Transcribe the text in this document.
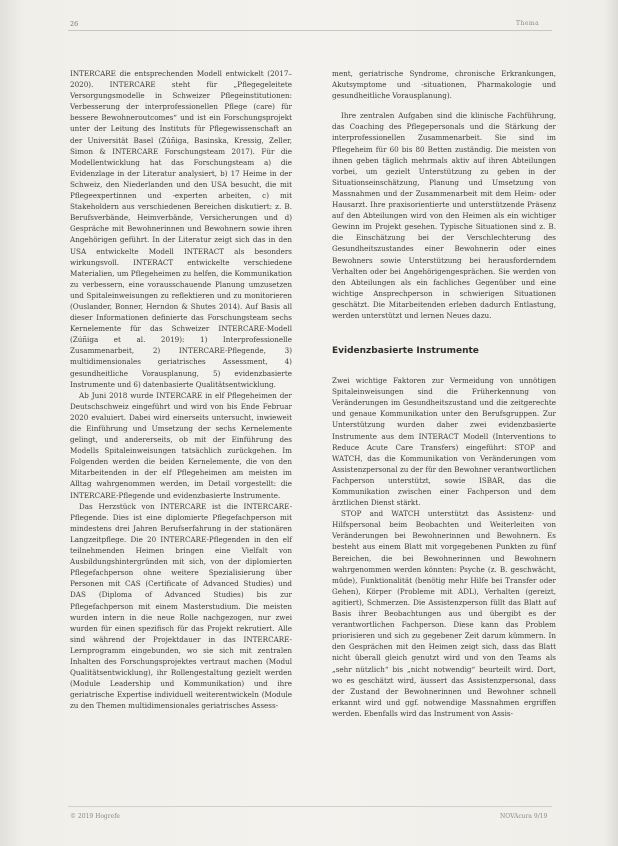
26	Thema

INTERCARE die entsprechenden Modell entwickelt (2017–2020). INTERCARE steht für „Pflegegeleitete Versorgungsmodelle in Schweizer Pflegeinstitutionen: Verbesserung der interprofessionellen Pflege (care) für bessere Bewohneroutcomes“ und ist ein Forschungsprojekt unter der Leitung des Instituts für Pflegewissenschaft an der Universität Basel (Zúñiga, Basinska, Kressig, Zeller, Simon & INTERCARE Forschungsteam 2017). Für die Modellentwicklung hat das Forschungsteam a) die Evidenzlage in der Literatur analysiert, b) 17 Heime in der Schweiz, den Niederlanden und den USA besucht, die mit Pflegeexpertinnen und -experten arbeiten, c) mit Stakeholdern aus verschiedenen Bereichen diskutiert: z. B. Berufsverbände, Heimverbände, Versicherungen und d) Gespräche mit Bewohnerinnen und Bewohnern sowie ihren Angehörigen geführt. In der Literatur zeigt sich das in den USA entwickelte Modell INTERACT als besonders wirkungsvoll. INTERACT entwickelte verschiedene Materialien, um Pflegeheimen zu helfen, die Kommunikation zu verbessern, eine vorausschauende Planung umzusetzen und Spitaleinweisungen zu reflektieren und zu monitorieren (Ouslander, Bonner, Herndon & Shutes 2014). Auf Basis all dieser Informationen definierte das Forschungsteam sechs Kernelemente für das Schweizer INTERCARE-Modell (Zúñiga et al. 2019): 1) Interprofessionelle Zusammenarbeit, 2) INTERCARE-Pflegende, 3) multidimensionales geriatrisches Assessment, 4) gesundheitliche Vorausplanung, 5) evidenzbasierte Instrumente und 6) datenbasierte Qualitätsentwicklung.

Ab Juni 2018 wurde INTERCARE in elf Pflegeheimen der Deutschschweiz eingeführt und wird von bis Ende Februar 2020 evaluiert. Dabei wird einerseits untersucht, inwieweit die Einführung und Umsetzung der sechs Kernelemente gelingt, und andererseits, ob mit der Einführung des Modells Spitaleinweisungen tatsächlich zurückgehen. Im Folgenden werden die beiden Kernelemente, die von den Mitarbeitenden in der elf Pflegeheimen am meisten im Alltag wahrgenommen werden, im Detail vorgestellt: die INTERCARE-Pflegende und evidenzbasierte Instrumente.

Das Herzstück von INTERCARE ist die INTERCARE-Pflegende. Dies ist eine diplomierte Pflegefachperson mit mindestens drei Jahren Berufserfahrung in der stationären Langzeitpflege. Die 20 INTERCARE-Pflegenden in den elf teilnehmenden Heimen bringen eine Vielfalt von Ausbildungshintergründen mit sich, von der diplomierten Pflegefachperson ohne weitere Spezialisierung über Personen mit CAS (Certificate of Advanced Studies) und DAS (Diploma of Advanced Studies) bis zur Pflegefachperson mit einem Masterstudium. Die meisten wurden intern in die neue Rolle nachgezogen, nur zwei wurden für einen spezifisch für das Projekt rekrutiert. Alle sind während der Projektdauer in das INTERCARE-Lernprogramm eingebunden, wo sie sich mit zentralen Inhalten des Forschungsprojektes vertraut machen (Modul Qualitätsentwicklung), ihr Rollengestaltung gezielt werden (Module Leadership und Kommunikation) und ihre geriatrische Expertise individuell weiterentwickeln (Module zu den Themen multidimensionales geriatrisches Assess-

ment, geriatrische Syndrome, chronische Erkrankungen, Akutsymptome und -situationen, Pharmakologie und gesundheitliche Vorausplanung).

Ihre zentralen Aufgaben sind die klinische Fachführung, das Coaching des Pflegepersonals und die Stärkung der interprofessionellen Zusammenarbeit. Sie sind im Pflegeheim für 60 bis 80 Betten zuständig. Die meisten von ihnen geben täglich mehrmals aktiv auf ihren Abteilungen vorbei, um gezielt Unterstützung zu geben in der Situationseinschätzung, Planung und Umsetzung von Massnahmen und der Zusammenarbeit mit dem Heim- oder Hausarzt. Ihre praxisorientierte und unterstützende Präsenz auf den Abteilungen wird von den Heimen als ein wichtiger Gewinn im Projekt gesehen. Typische Situationen sind z. B. die Einschätzung bei der Verschlechterung des Gesundheitszustandes einer Bewohnerin oder eines Bewohners sowie Unterstützung bei herausforderndem Verhalten oder bei Angehörigengesprächen. Sie werden von den Abteilungen als ein fachliches Gegenüber und eine wichtige Ansprechperson in schwierigen Situationen geschätzt. Die Mitarbeitenden erleben dadurch Entlastung, werden unterstützt und lernen Neues dazu.

Evidenzbasierte Instrumente

Zwei wichtige Faktoren zur Vermeidung von unnötigen Spitaleinweisungen sind die Früherkennung von Veränderungen im Gesundheitszustand und die zeitgerechte und genaue Kommunikation unter den Berufsgruppen. Zur Unterstützung wurden daher zwei evidenzbasierte Instrumente aus dem INTERACT Modell (Interventions to Reduce Acute Care Transfers) eingeführt: STOP and WATCH, das die Kommunikation von Veränderungen vom Assistenzpersonal zu der für den Bewohner verantwortlichen Fachperson unterstützt, sowie ISBAR, das die Kommunikation zwischen einer Fachperson und dem ärztlichen Dienst stärkt.

STOP and WATCH unterstützt das Assistenz- und Hilfspersonal beim Beobachten und Weiterleiten von Veränderungen bei Bewohnerinnen und Bewohnern. Es besteht aus einem Blatt mit vorgegebenen Punkten zu fünf Bereichen, die bei Bewohnerinnen und Bewohnern wahrgenommen werden könnten: Psyche (z. B. geschwächt, müde), Funktionalität (benötig mehr Hilfe bei Transfer oder Gehen), Körper (Probleme mit ADL), Verhalten (gereizt, agitiert), Schmerzen. Die Assistenzperson füllt das Blatt auf Basis ihrer Beobachtungen aus und übergibt es der verantwortlichen Fachperson. Diese kann das Problem priorisieren und sich zu gegebener Zeit darum kümmern. In den Gesprächen mit den Heimen zeigt sich, dass das Blatt nicht überall gleich genutzt wird und von den Teams als „sehr nützlich“ bis „nicht notwendig“ beurteilt wird. Dort, wo es geschätzt wird, äussert das Assistenzpersonal, dass der Zustand der Bewohnerinnen und Bewohner schnell erkannt wird und ggf. notwendige Massnahmen ergriffen werden. Ebenfalls wird das Instrument von Assis-

© 2019 Hogrefe	NOVAcura 9/19
